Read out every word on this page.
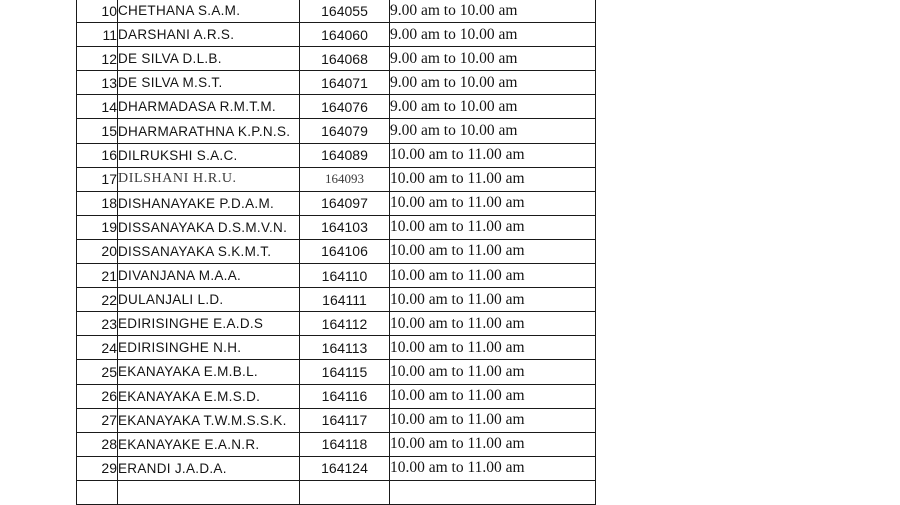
10	CHETHANA S.A.M.	164055	9.00 am to 10.00 am
11	DARSHANI A.R.S.	164060	9.00 am to 10.00 am
12	DE SILVA D.L.B.	164068	9.00 am to 10.00 am
13	DE SILVA M.S.T.	164071	9.00 am to 10.00 am
14	DHARMADASA R.M.T.M.	164076	9.00 am to 10.00 am
15	DHARMARATHNA K.P.N.S.	164079	9.00 am to 10.00 am
16	DILRUKSHI S.A.C.	164089	10.00 am to 11.00 am
17	DILSHANI H.R.U.	164093	10.00 am to 11.00 am
18	DISHANAYAKE P.D.A.M.	164097	10.00 am to 11.00 am
19	DISSANAYAKA D.S.M.V.N.	164103	10.00 am to 11.00 am
20	DISSANAYAKA S.K.M.T.	164106	10.00 am to 11.00 am
21	DIVANJANA M.A.A.	164110	10.00 am to 11.00 am
22	DULANJALI L.D.	164111	10.00 am to 11.00 am
23	EDIRISINGHE E.A.D.S	164112	10.00 am to 11.00 am
24	EDIRISINGHE N.H.	164113	10.00 am to 11.00 am
25	EKANAYAKA E.M.B.L.	164115	10.00 am to 11.00 am
26	EKANAYAKA E.M.S.D.	164116	10.00 am to 11.00 am
27	EKANAYAKA T.W.M.S.S.K.	164117	10.00 am to 11.00 am
28	EKANAYAKE E.A.N.R.	164118	10.00 am to 11.00 am
29	ERANDI J.A.D.A.	164124	10.00 am to 11.00 am
